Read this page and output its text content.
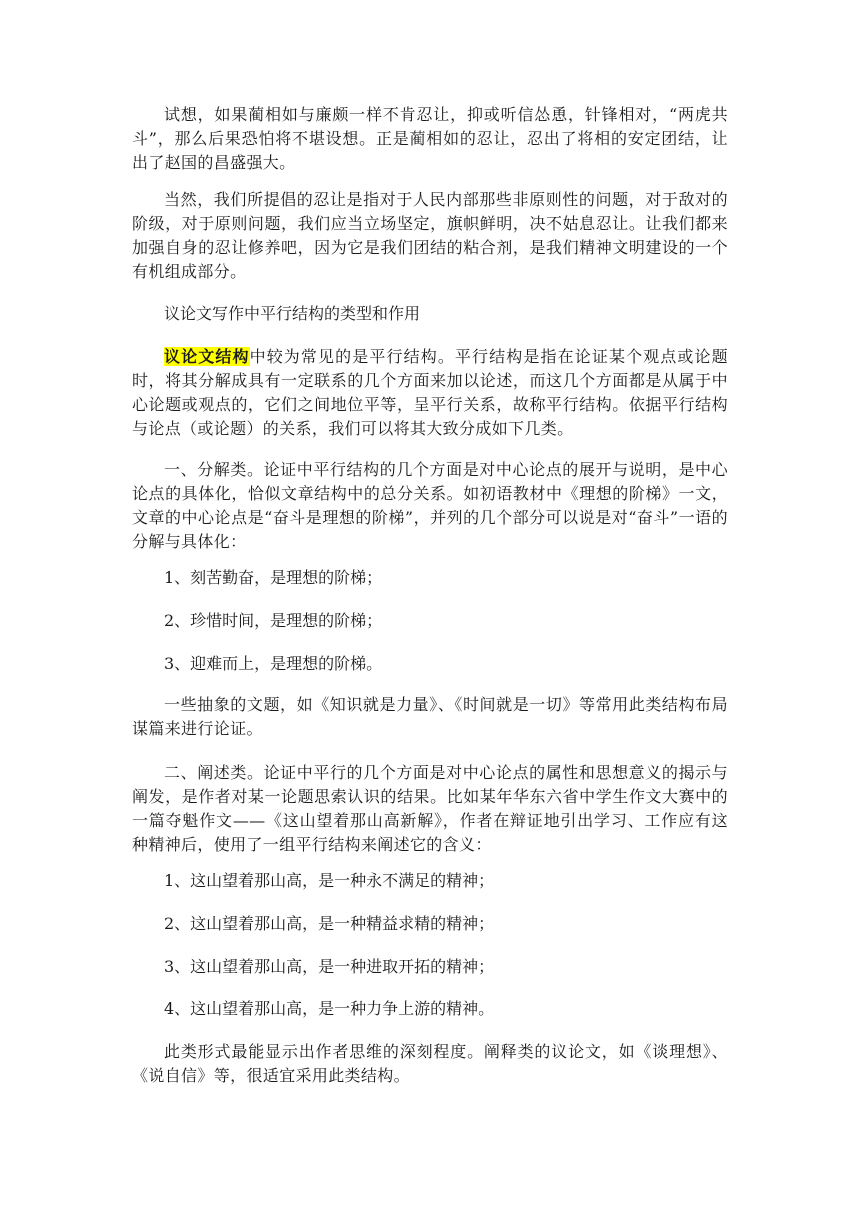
试想，如果蔺相如与廉颇一样不肯忍让，抑或听信怂恿，针锋相对，“两虎共斗”，那么后果恐怕将不堪设想。正是蔺相如的忍让，忍出了将相的安定团结，让出了赵国的昌盛强大。

当然，我们所提倡的忍让是指对于人民内部那些非原则性的问题，对于敌对的阶级，对于原则问题，我们应当立场坚定，旗帜鲜明，决不姑息忍让。让我们都来加强自身的忍让修养吧，因为它是我们团结的粘合剂，是我们精神文明建设的一个有机组成部分。

议论文写作中平行结构的类型和作用

议论文结构中较为常见的是平行结构。平行结构是指在论证某个观点或论题时，将其分解成具有一定联系的几个方面来加以论述，而这几个方面都是从属于中心论题或观点的，它们之间地位平等，呈平行关系，故称平行结构。依据平行结构与论点（或论题）的关系，我们可以将其大致分成如下几类。

一、分解类。论证中平行结构的几个方面是对中心论点的展开与说明，是中心论点的具体化，恰似文章结构中的总分关系。如初语教材中《理想的阶梯》一文，文章的中心论点是“奋斗是理想的阶梯”，并列的几个部分可以说是对“奋斗”一语的分解与具体化：

1、刻苦勤奋，是理想的阶梯；

2、珍惜时间，是理想的阶梯；

3、迎难而上，是理想的阶梯。

一些抽象的文题，如《知识就是力量》、《时间就是一切》等常用此类结构布局谋篇来进行论证。

二、阐述类。论证中平行的几个方面是对中心论点的属性和思想意义的揭示与阐发，是作者对某一论题思索认识的结果。比如某年华东六省中学生作文大赛中的一篇夺魁作文——《这山望着那山高新解》，作者在辩证地引出学习、工作应有这种精神后，使用了一组平行结构来阐述它的含义：

1、这山望着那山高，是一种永不满足的精神；

2、这山望着那山高，是一种精益求精的精神；

3、这山望着那山高，是一种进取开拓的精神；

4、这山望着那山高，是一种力争上游的精神。

此类形式最能显示出作者思维的深刻程度。阐释类的议论文，如《谈理想》、《说自信》等，很适宜采用此类结构。
